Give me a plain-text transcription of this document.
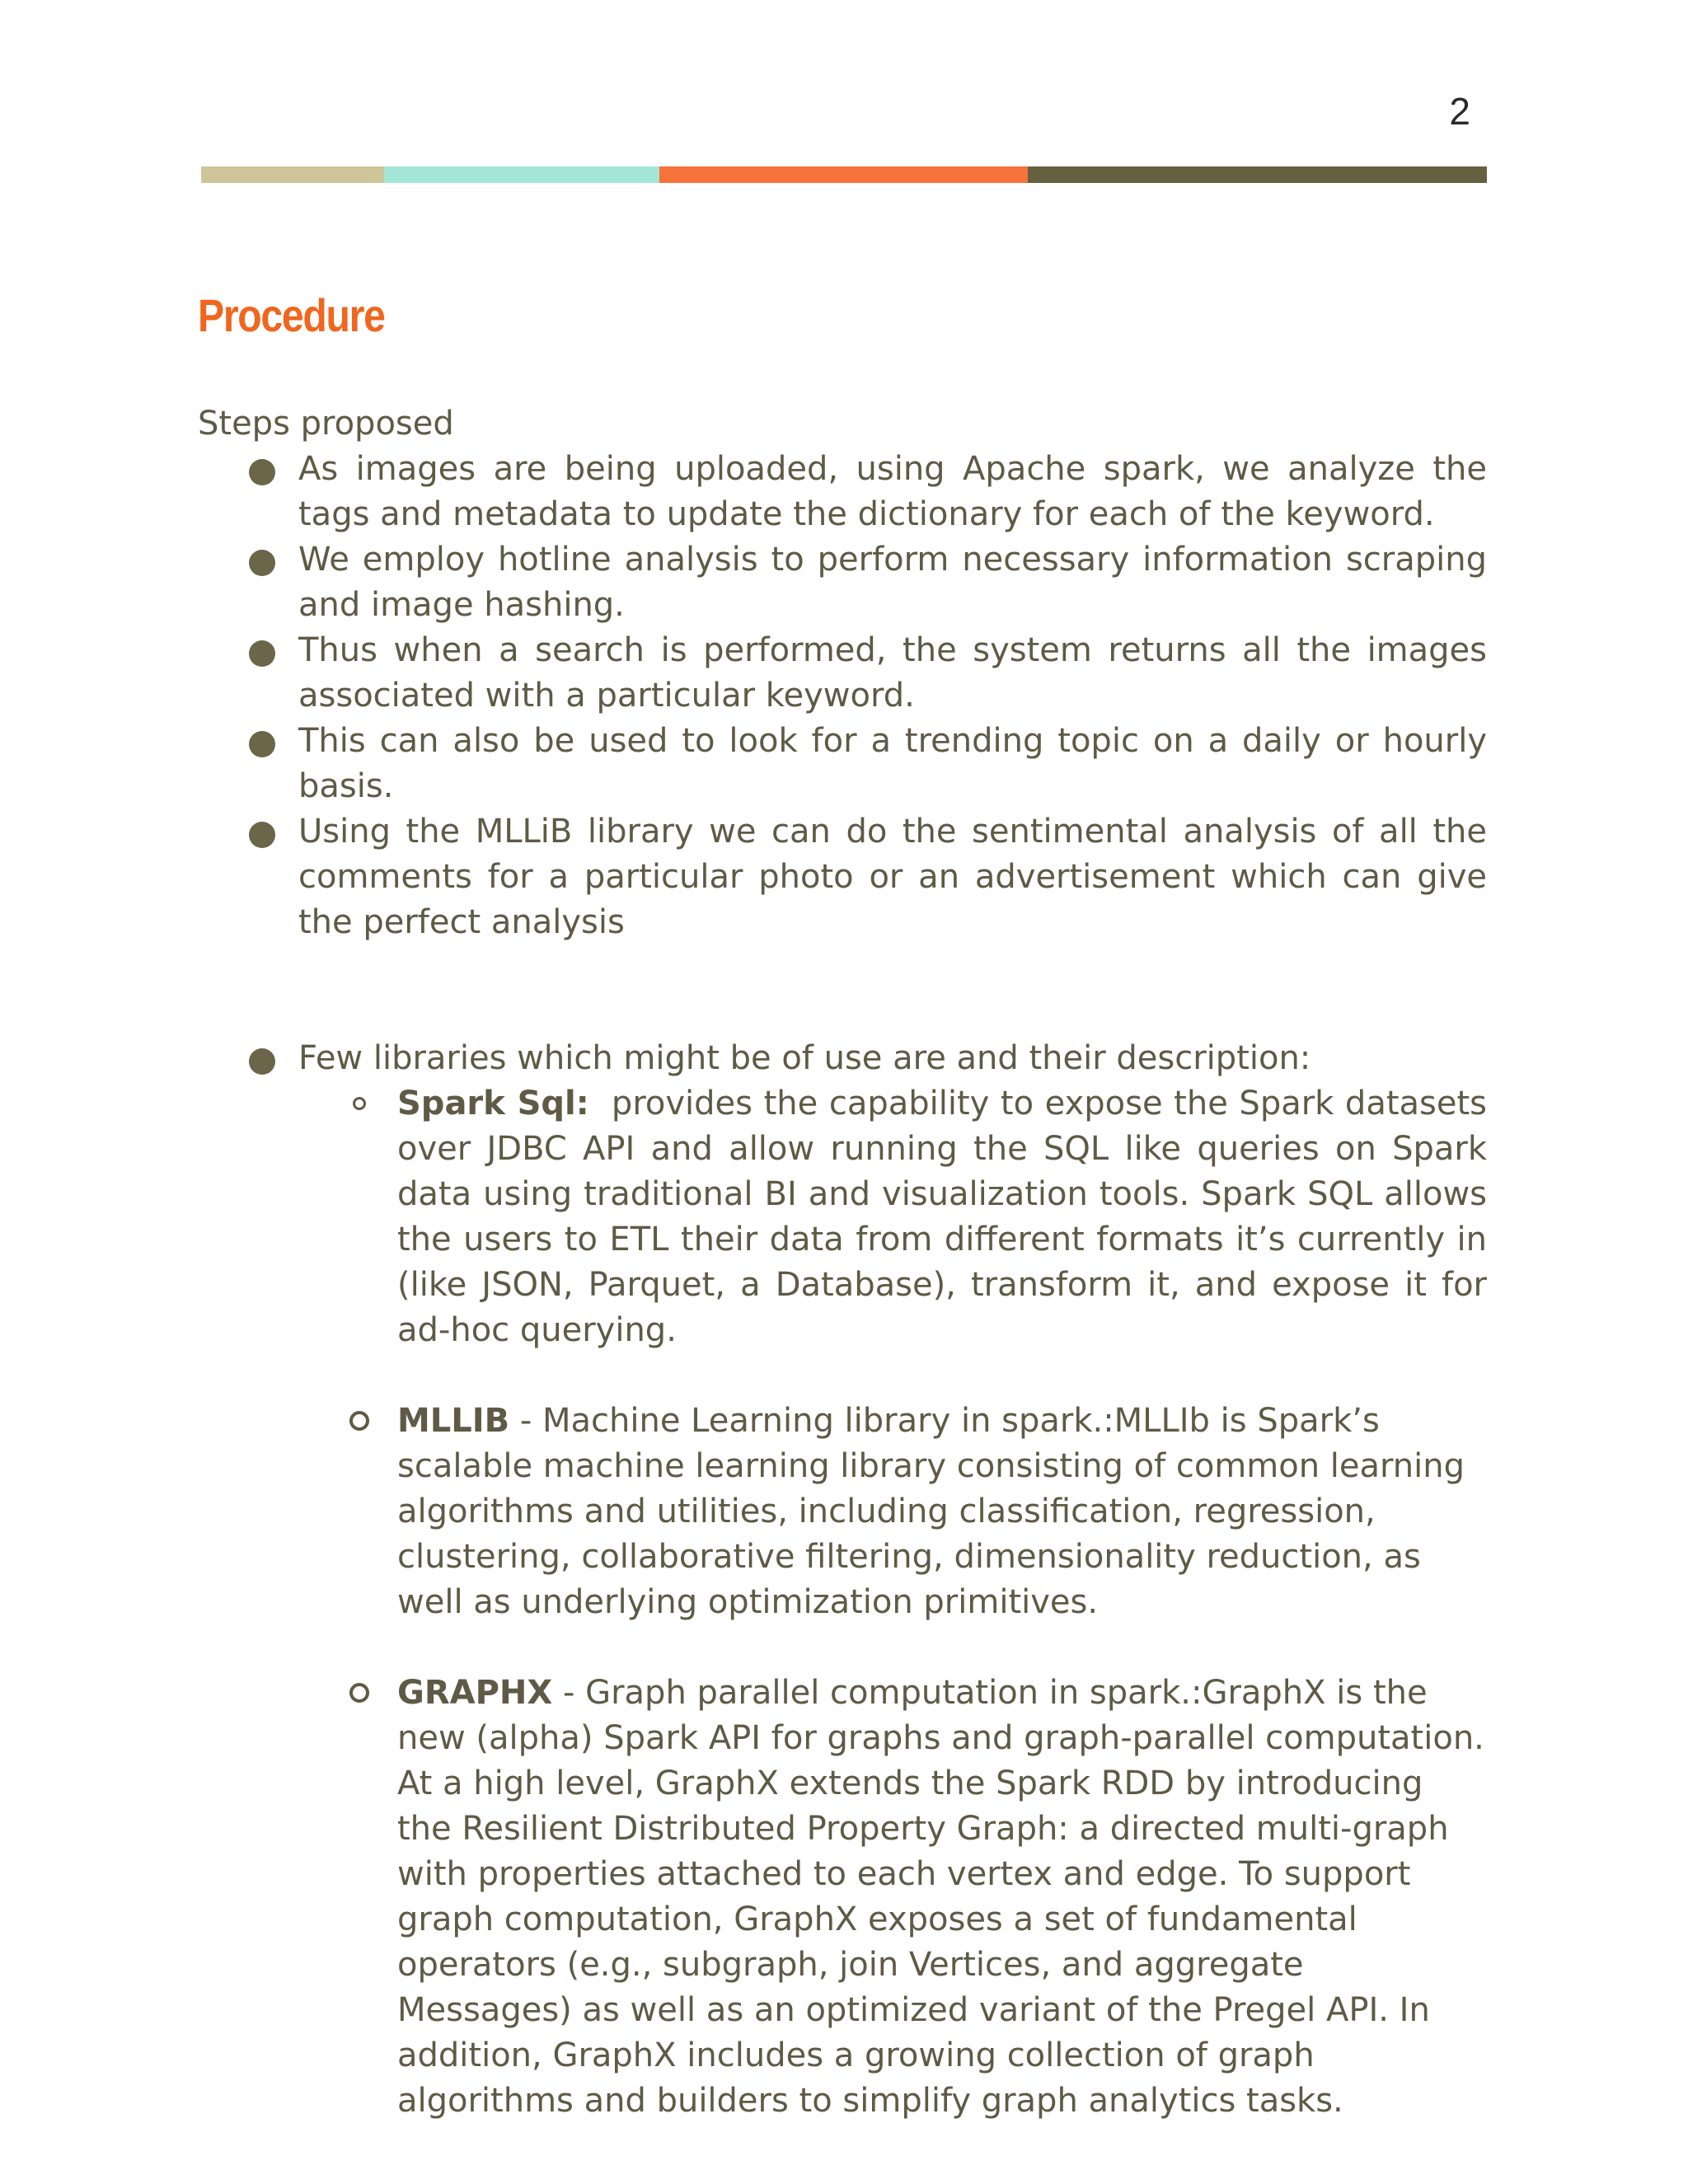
2
Procedure

Steps proposed

As images are being uploaded, using Apache spark, we analyze the tags and metadata to update the dictionary for each of the keyword.
We employ hotline analysis to perform necessary information scraping and image hashing.
Thus when a search is performed, the system returns all the images associated with a particular keyword.
This can also be used to look for a trending topic on a daily or hourly basis.
Using the MLLiB library we can do the sentimental analysis of all the comments for a particular photo or an advertisement which can give the perfect analysis
Few libraries which might be of use are and their description:
Spark Sql:  provides the capability to expose the Spark datasets over JDBC API and allow running the SQL like queries on Spark data using traditional BI and visualization tools. Spark SQL allows the users to ETL their data from different formats it’s currently in (like JSON, Parquet, a Database), transform it, and expose it for ad-hoc querying.
MLLIB - Machine Learning library in spark.:MLLIb is Spark’s scalable machine learning library consisting of common learning algorithms and utilities, including classification, regression, clustering, collaborative filtering, dimensionality reduction, as well as underlying optimization primitives.
GRAPHX - Graph parallel computation in spark.:GraphX is the new (alpha) Spark API for graphs and graph-parallel computation. At a high level, GraphX extends the Spark RDD by introducing the Resilient Distributed Property Graph: a directed multi-graph with properties attached to each vertex and edge. To support graph computation, GraphX exposes a set of fundamental operators (e.g., subgraph, join Vertices, and aggregate Messages) as well as an optimized variant of the Pregel API. In addition, GraphX includes a growing collection of graph algorithms and builders to simplify graph analytics tasks.
